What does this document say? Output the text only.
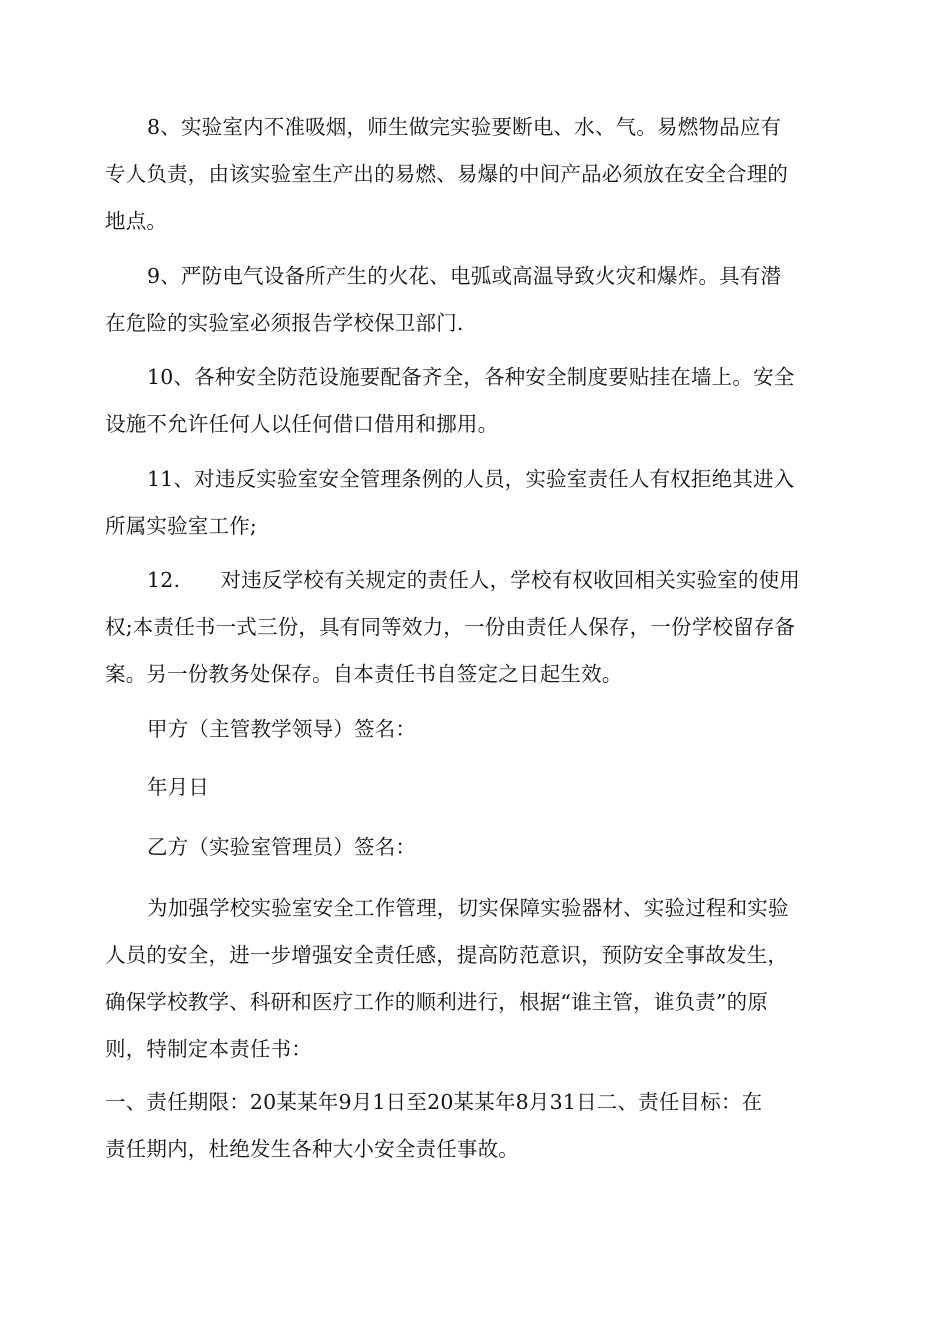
8、实验室内不准吸烟，师生做完实验要断电、水、气。易燃物品应有
专人负责，由该实验室生产出的易燃、易爆的中间产品必须放在安全合理的
地点。

9、严防电气设备所产生的火花、电弧或高温导致火灾和爆炸。具有潜
在危险的实验室必须报告学校保卫部门.

10、各种安全防范设施要配备齐全，各种安全制度要贴挂在墙上。安全
设施不允许任何人以任何借口借用和挪用。

11、对违反实验室安全管理条例的人员，实验室责任人有权拒绝其进入
所属实验室工作;

12.      对违反学校有关规定的责任人，学校有权收回相关实验室的使用
权;本责任书一式三份，具有同等效力，一份由责任人保存，一份学校留存备
案。另一份教务处保存。自本责任书自签定之日起生效。

甲方（主管教学领导）签名：

年月日

乙方（实验室管理员）签名：

为加强学校实验室安全工作管理，切实保障实验器材、实验过程和实验
人员的安全，进一步增强安全责任感，提高防范意识，预防安全事故发生，
确保学校教学、科研和医疗工作的顺利进行，根据“谁主管，谁负责”的原
则，特制定本责任书：

一、责任期限：20某某年9月1日至20某某年8月31日二、责任目标：在
责任期内，杜绝发生各种大小安全责任事故。
